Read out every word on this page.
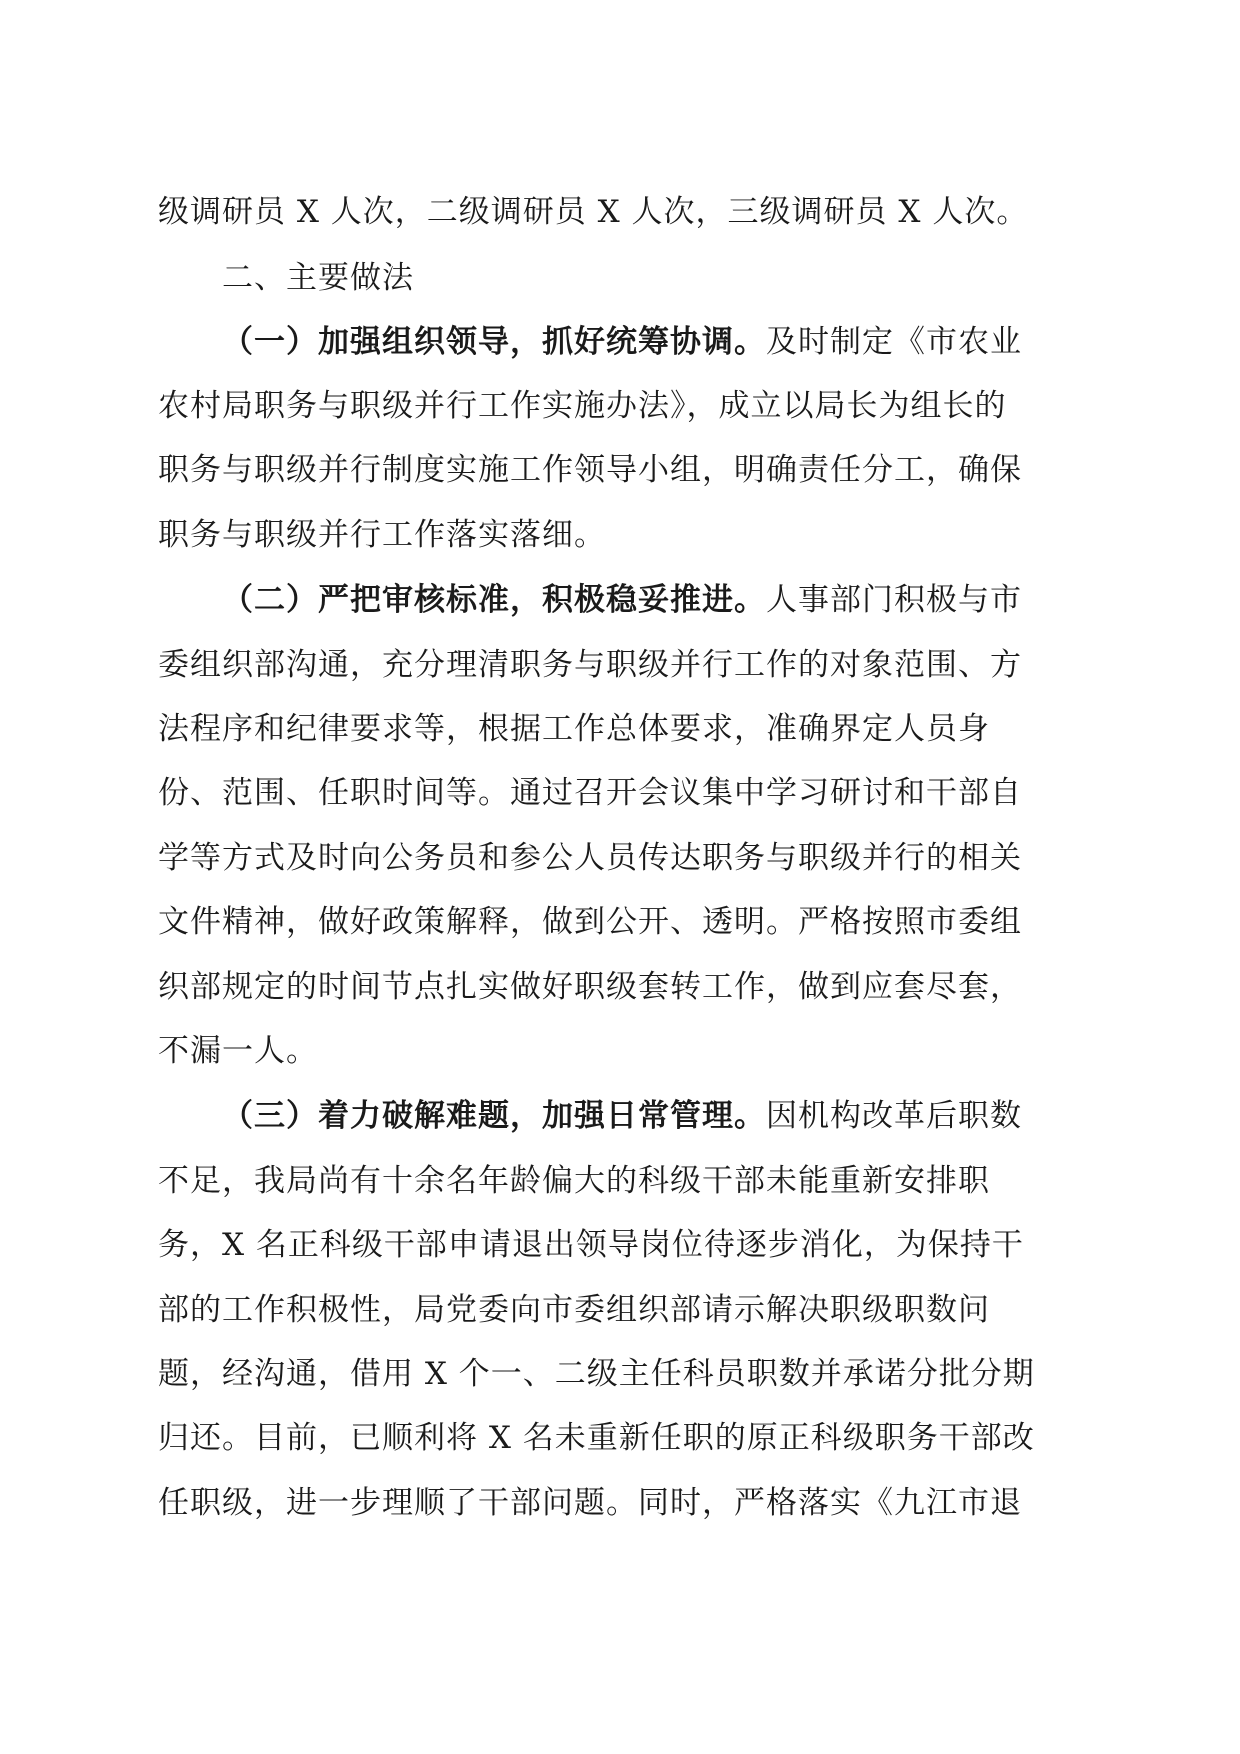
级调研员 X 人次，二级调研员 X 人次，三级调研员 X 人次。
二、主要做法
（一）加强组织领导，抓好统筹协调。及时制定《市农业
农村局职务与职级并行工作实施办法》，成立以局长为组长的
职务与职级并行制度实施工作领导小组，明确责任分工，确保
职务与职级并行工作落实落细。
（二）严把审核标准，积极稳妥推进。人事部门积极与市
委组织部沟通，充分理清职务与职级并行工作的对象范围、方
法程序和纪律要求等，根据工作总体要求，准确界定人员身
份、范围、任职时间等。通过召开会议集中学习研讨和干部自
学等方式及时向公务员和参公人员传达职务与职级并行的相关
文件精神，做好政策解释，做到公开、透明。严格按照市委组
织部规定的时间节点扎实做好职级套转工作，做到应套尽套，
不漏一人。
（三）着力破解难题，加强日常管理。因机构改革后职数
不足，我局尚有十余名年龄偏大的科级干部未能重新安排职
务，X 名正科级干部申请退出领导岗位待逐步消化，为保持干
部的工作积极性，局党委向市委组织部请示解决职级职数问
题，经沟通，借用 X 个一、二级主任科员职数并承诺分批分期
归还。目前，已顺利将 X 名未重新任职的原正科级职务干部改
任职级，进一步理顺了干部问题。同时，严格落实《九江市退
